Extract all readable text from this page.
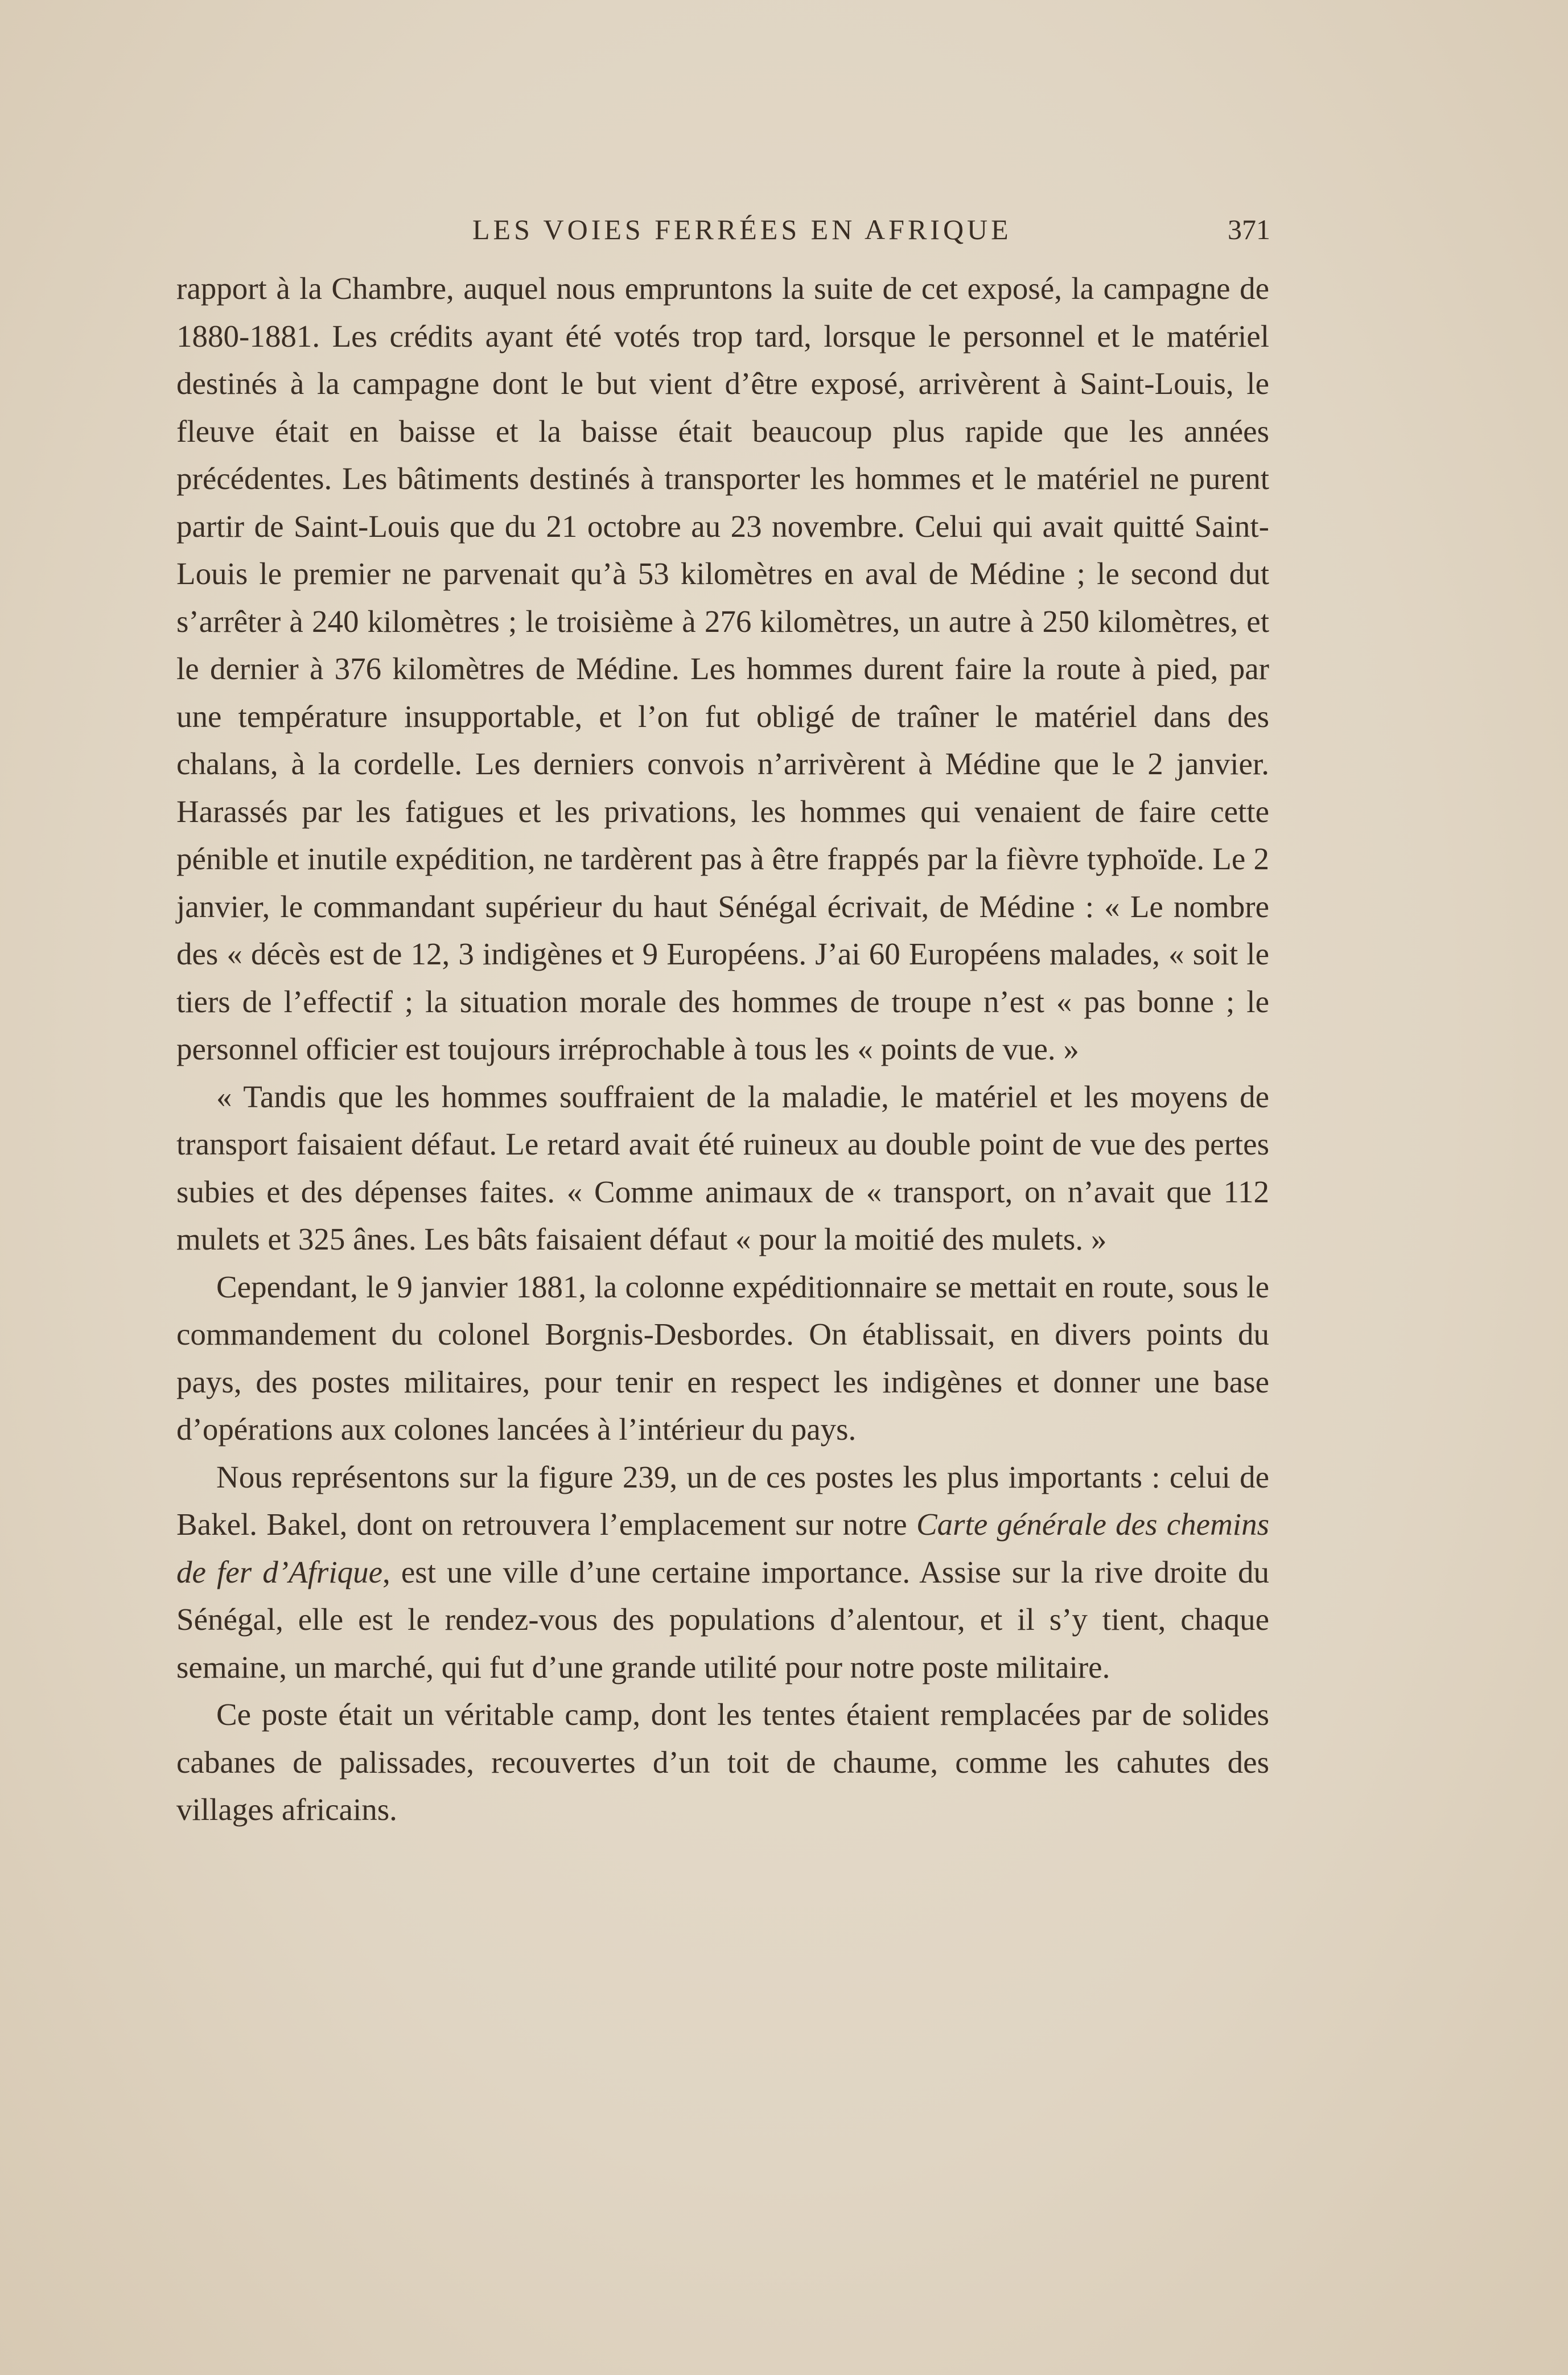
LES VOIES FERRÉES EN AFRIQUE	371

rapport à la Chambre, auquel nous empruntons la suite de cet exposé, la campagne de 1880-1881. Les crédits ayant été votés trop tard, lorsque le personnel et le matériel destinés à la campagne dont le but vient d’être exposé, arrivèrent à Saint-Louis, le fleuve était en baisse et la baisse était beaucoup plus rapide que les années précédentes. Les bâtiments destinés à transporter les hommes et le matériel ne purent partir de Saint-Louis que du 21 octobre au 23 novembre. Celui qui avait quitté Saint-Louis le premier ne parvenait qu’à 53 kilomètres en aval de Médine ; le second dut s’arrêter à 240 kilomètres ; le troisième à 276 kilomètres, un autre à 250 kilomètres, et le dernier à 376 kilomètres de Médine. Les hommes durent faire la route à pied, par une température insupportable, et l’on fut obligé de traîner le matériel dans des chalans, à la cordelle. Les derniers convois n’arrivèrent à Médine que le 2 janvier. Harassés par les fatigues et les privations, les hommes qui venaient de faire cette pénible et inutile expédition, ne tardèrent pas à être frappés par la fièvre typhoïde. Le 2 janvier, le commandant supérieur du haut Sénégal écrivait, de Médine : « Le nombre des « décès est de 12, 3 indigènes et 9 Européens. J’ai 60 Européens malades, « soit le tiers de l’effectif ; la situation morale des hommes de troupe n’est « pas bonne ; le personnel officier est toujours irréprochable à tous les « points de vue. »

« Tandis que les hommes souffraient de la maladie, le matériel et les moyens de transport faisaient défaut. Le retard avait été ruineux au double point de vue des pertes subies et des dépenses faites. « Comme animaux de « transport, on n’avait que 112 mulets et 325 ânes. Les bâts faisaient défaut « pour la moitié des mulets. »

Cependant, le 9 janvier 1881, la colonne expéditionnaire se mettait en route, sous le commandement du colonel Borgnis-Desbordes. On établissait, en divers points du pays, des postes militaires, pour tenir en respect les indigènes et donner une base d’opérations aux colones lancées à l’intérieur du pays.

Nous représentons sur la figure 239, un de ces postes les plus importants : celui de Bakel. Bakel, dont on retrouvera l’emplacement sur notre Carte générale des chemins de fer d’Afrique, est une ville d’une certaine importance. Assise sur la rive droite du Sénégal, elle est le rendez-vous des populations d’alentour, et il s’y tient, chaque semaine, un marché, qui fut d’une grande utilité pour notre poste militaire.

Ce poste était un véritable camp, dont les tentes étaient remplacées par de solides cabanes de palissades, recouvertes d’un toit de chaume, comme les cahutes des villages africains.
